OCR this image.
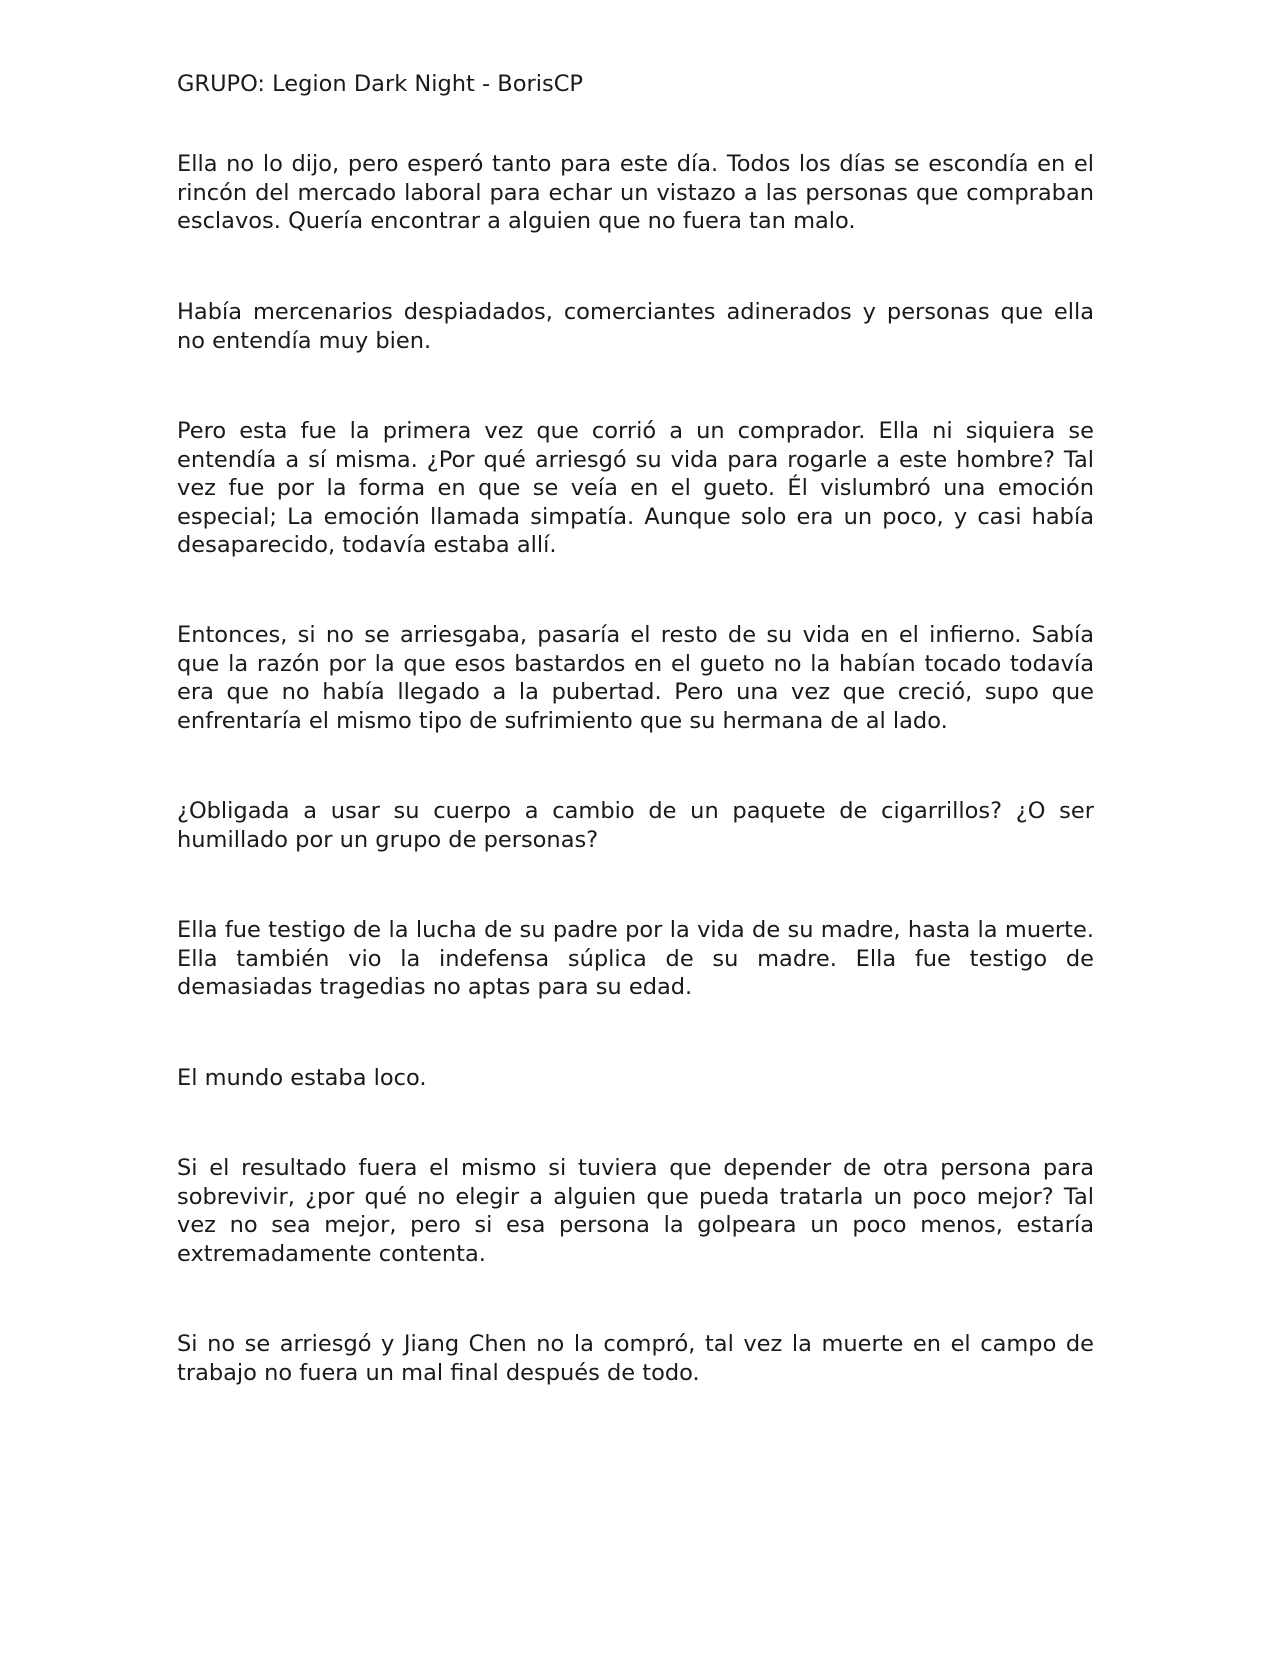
GRUPO: Legion Dark Night - BorisCP

Ella no lo dijo, pero esperó tanto para este día. Todos los días se escondía en el rincón del mercado laboral para echar un vistazo a las personas que compraban esclavos. Quería encontrar a alguien que no fuera tan malo.

Había mercenarios despiadados, comerciantes adinerados y personas que ella no entendía muy bien.

Pero esta fue la primera vez que corrió a un comprador. Ella ni siquiera se entendía a sí misma. ¿Por qué arriesgó su vida para rogarle a este hombre? Tal vez fue por la forma en que se veía en el gueto. Él vislumbró una emoción especial; La emoción llamada simpatía. Aunque solo era un poco, y casi había desaparecido, todavía estaba allí.

Entonces, si no se arriesgaba, pasaría el resto de su vida en el infierno. Sabía que la razón por la que esos bastardos en el gueto no la habían tocado todavía era que no había llegado a la pubertad. Pero una vez que creció, supo que enfrentaría el mismo tipo de sufrimiento que su hermana de al lado.

¿Obligada a usar su cuerpo a cambio de un paquete de cigarrillos? ¿O ser humillado por un grupo de personas?

Ella fue testigo de la lucha de su padre por la vida de su madre, hasta la muerte. Ella también vio la indefensa súplica de su madre. Ella fue testigo de demasiadas tragedias no aptas para su edad.

El mundo estaba loco.

Si el resultado fuera el mismo si tuviera que depender de otra persona para sobrevivir, ¿por qué no elegir a alguien que pueda tratarla un poco mejor? Tal vez no sea mejor, pero si esa persona la golpeara un poco menos, estaría extremadamente contenta.

Si no se arriesgó y Jiang Chen no la compró, tal vez la muerte en el campo de trabajo no fuera un mal final después de todo.
